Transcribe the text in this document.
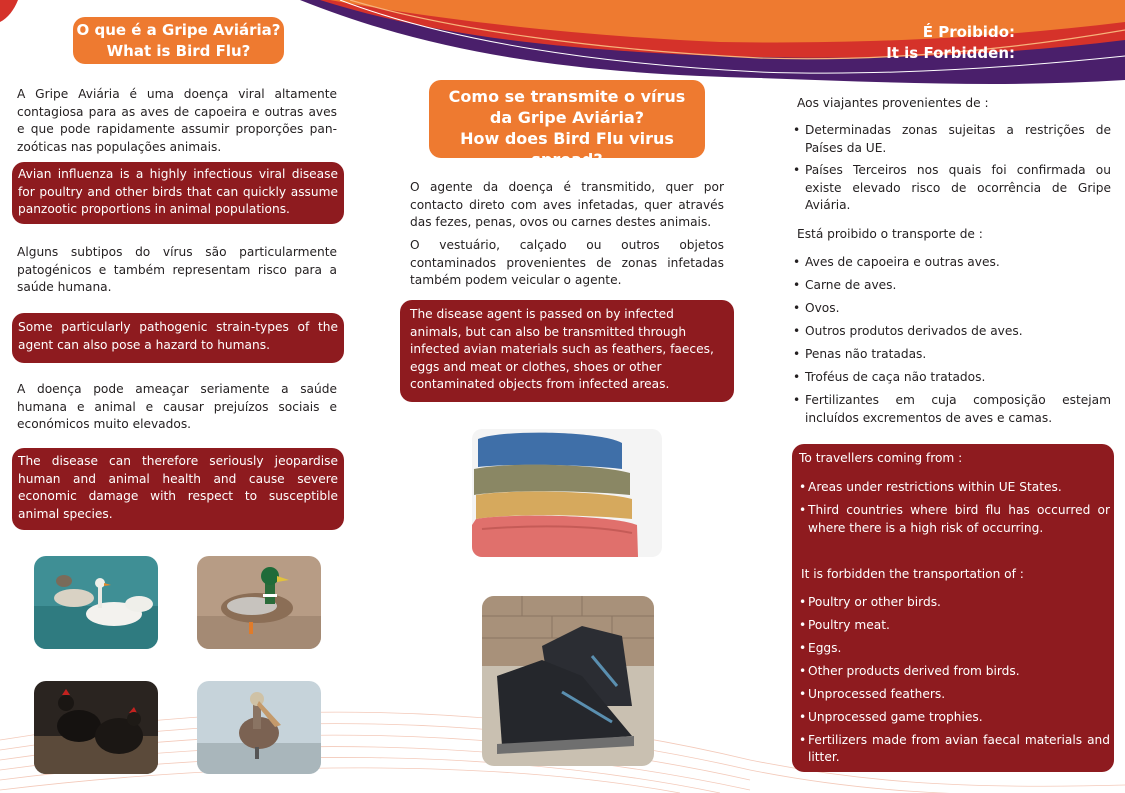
O que é a Gripe Aviária?
What is Bird Flu?

A Gripe Aviária é uma doença viral altamente contagiosa para as aves de capoeira e outras aves e que pode rapidamente assumir proporções pan-zoóticas nas populações animais.

Avian influenza is a highly infectious viral disease for poultry and other birds that can quickly assume panzootic proportions in animal populations.

Alguns subtipos do vírus são particularmente patogénicos e também representam risco para a saúde humana.

Some particularly pathogenic strain-types of the agent can also pose a hazard to humans.

A doença pode ameaçar seriamente a saúde humana e animal e causar prejuízos sociais e económicos muito elevados.

The disease can therefore seriously jeopardise human and animal health and cause severe economic damage with respect to susceptible animal species.
Como se transmite o vírus
da Gripe Aviária?
How does Bird Flu virus spread?

O agente da doença é transmitido, quer por contacto direto com aves infetadas, quer através das fezes, penas, ovos ou carnes destes animais.

O vestuário, calçado ou outros objetos contaminados provenientes de zonas infetadas também podem veicular o agente.

The disease agent is passed on by infected animals, but can also be transmitted through infected avian materials such as feathers, faeces, eggs and meat or clothes, shoes or other contaminated objects from infected areas.
É Proibido:
It is Forbidden:

Aos viajantes provenientes de :

• Determinadas zonas sujeitas a restrições de Países da UE.
• Países Terceiros nos quais foi confirmada ou existe elevado risco de ocorrência de Gripe Aviária.

Está proibido o transporte de :

• Aves de capoeira e outras aves.
• Carne de aves.
• Ovos.
• Outros produtos derivados de aves.
• Penas não tratadas.
• Troféus de caça não tratados.
• Fertilizantes em cuja composição estejam incluídos excrementos de aves e camas.
To travellers coming from :
• Areas under restrictions within UE States.
• Third countries where bird flu has occurred or where there is a high risk of occurring.
It is forbidden the transportation of :
• Poultry or other birds.
• Poultry meat.
• Eggs.
• Other products derived from birds.
• Unprocessed feathers.
• Unprocessed game trophies.
• Fertilizers made from avian faecal materials and litter.
